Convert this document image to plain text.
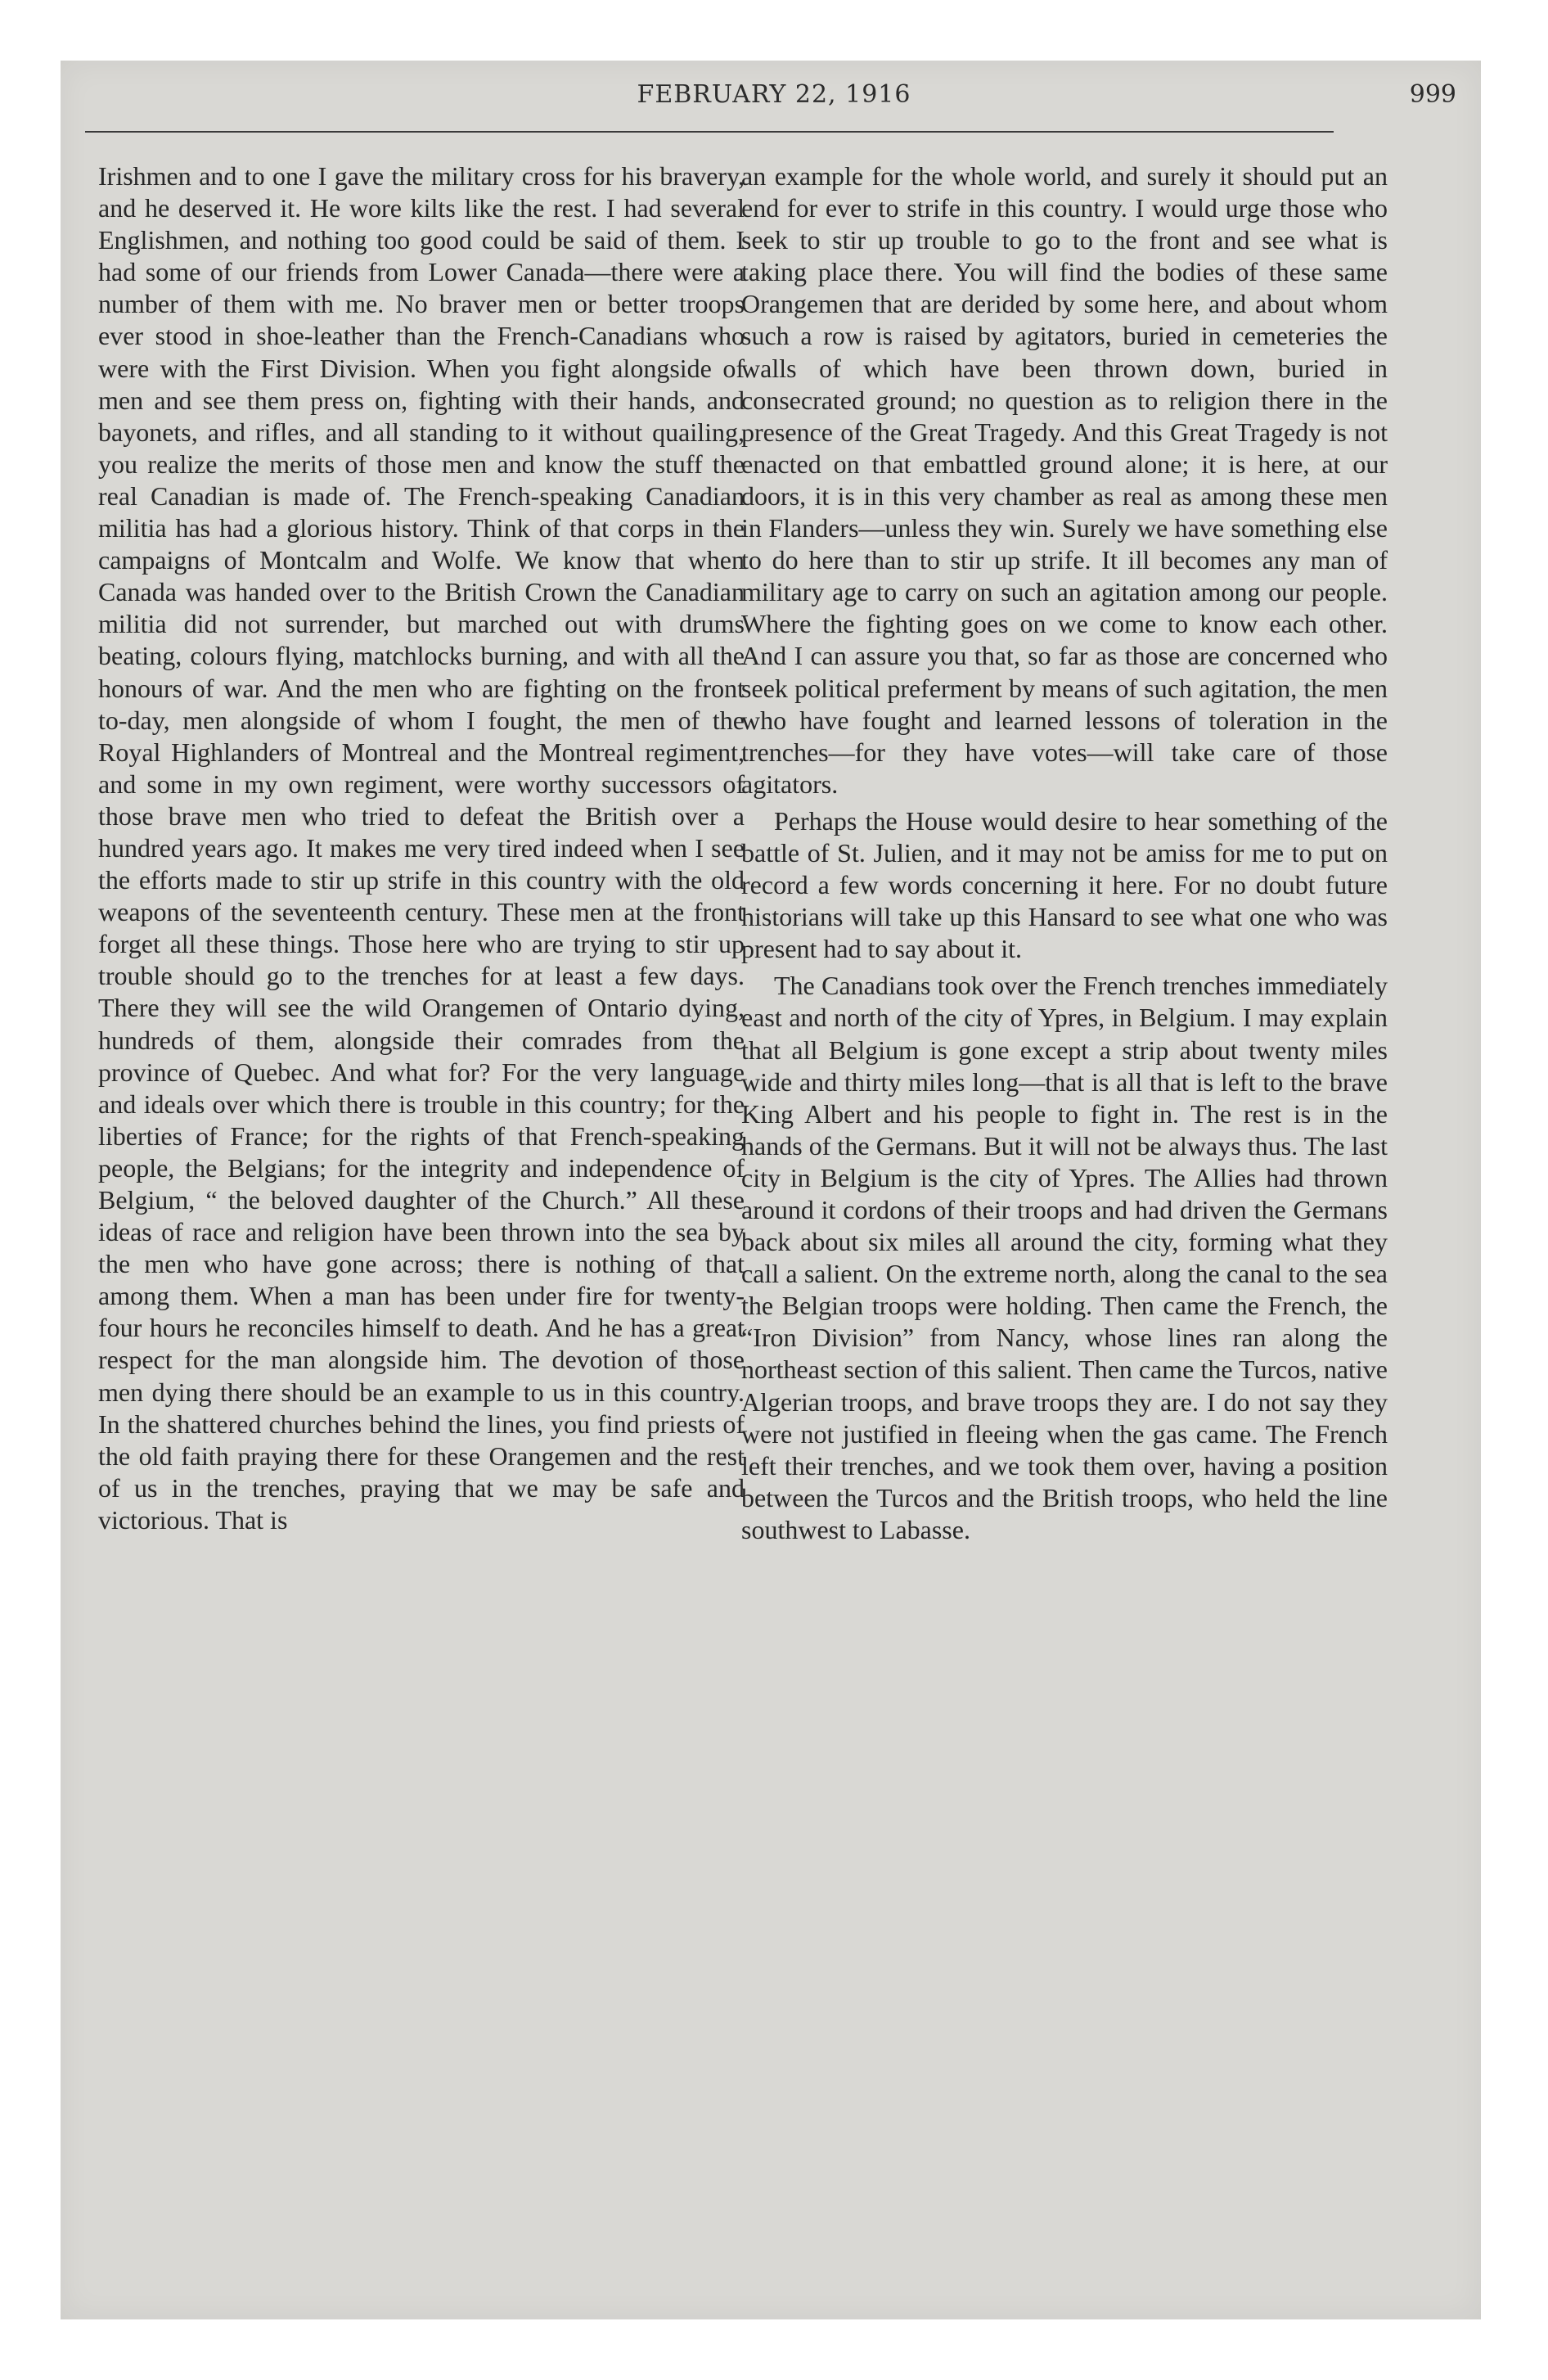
FEBRUARY 22, 1916	999

Irishmen and to one I gave the military cross for his bravery, and he deserved it. He wore kilts like the rest. I had several Englishmen, and nothing too good could be said of them. I had some of our friends from Lower Canada—there were a number of them with me. No braver men or better troops ever stood in shoe-leather than the French-Canadians who were with the First Division. When you fight alongside of men and see them press on, fighting with their hands, and bayonets, and rifles, and all standing to it without quailing, you realize the merits of those men and know the stuff the real Canadian is made of. The French-speaking Canadian militia has had a glorious history. Think of that corps in the campaigns of Montcalm and Wolfe. We know that when Canada was handed over to the British Crown the Canadian militia did not surrender, but marched out with drums beating, colours flying, matchlocks burning, and with all the honours of war. And the men who are fighting on the front to-day, men alongside of whom I fought, the men of the Royal Highlanders of Montreal and the Montreal regiment, and some in my own regiment, were worthy successors of those brave men who tried to defeat the British over a hundred years ago. It makes me very tired indeed when I see the efforts made to stir up strife in this country with the old weapons of the seventeenth century. These men at the front forget all these things. Those here who are trying to stir up trouble should go to the trenches for at least a few days. There they will see the wild Orangemen of Ontario dying, hundreds of them, alongside their comrades from the province of Quebec. And what for? For the very language and ideals over which there is trouble in this country; for the liberties of France; for the rights of that French-speaking people, the Belgians; for the integrity and independence of Belgium, “ the beloved daughter of the Church.” All these ideas of race and religion have been thrown into the sea by the men who have gone across; there is nothing of that among them. When a man has been under fire for twenty-four hours he reconciles himself to death. And he has a great respect for the man alongside him. The devotion of those men dying there should be an example to us in this country. In the shattered churches behind the lines, you find priests of the old faith praying there for these Orangemen and the rest of us in the trenches, praying that we may be safe and victorious. That is

an example for the whole world, and surely it should put an end for ever to strife in this country. I would urge those who seek to stir up trouble to go to the front and see what is taking place there. You will find the bodies of these same Orangemen that are derided by some here, and about whom such a row is raised by agitators, buried in cemeteries the walls of which have been thrown down, buried in consecrated ground; no question as to religion there in the presence of the Great Tragedy. And this Great Tragedy is not enacted on that embattled ground alone; it is here, at our doors, it is in this very chamber as real as among these men in Flanders—unless they win. Surely we have something else to do here than to stir up strife. It ill becomes any man of military age to carry on such an agitation among our people. Where the fighting goes on we come to know each other. And I can assure you that, so far as those are concerned who seek political preferment by means of such agitation, the men who have fought and learned lessons of toleration in the trenches—for they have votes—will take care of those agitators.

Perhaps the House would desire to hear something of the battle of St. Julien, and it may not be amiss for me to put on record a few words concerning it here. For no doubt future historians will take up this Hansard to see what one who was present had to say about it.

The Canadians took over the French trenches immediately east and north of the city of Ypres, in Belgium. I may explain that all Belgium is gone except a strip about twenty miles wide and thirty miles long—that is all that is left to the brave King Albert and his people to fight in. The rest is in the hands of the Germans. But it will not be always thus. The last city in Belgium is the city of Ypres. The Allies had thrown around it cordons of their troops and had driven the Germans back about six miles all around the city, forming what they call a salient. On the extreme north, along the canal to the sea the Belgian troops were holding. Then came the French, the “Iron Division” from Nancy, whose lines ran along the northeast section of this salient. Then came the Turcos, native Algerian troops, and brave troops they are. I do not say they were not justified in fleeing when the gas came. The French left their trenches, and we took them over, having a position between the Turcos and the British troops, who held the line southwest to Labasse.
